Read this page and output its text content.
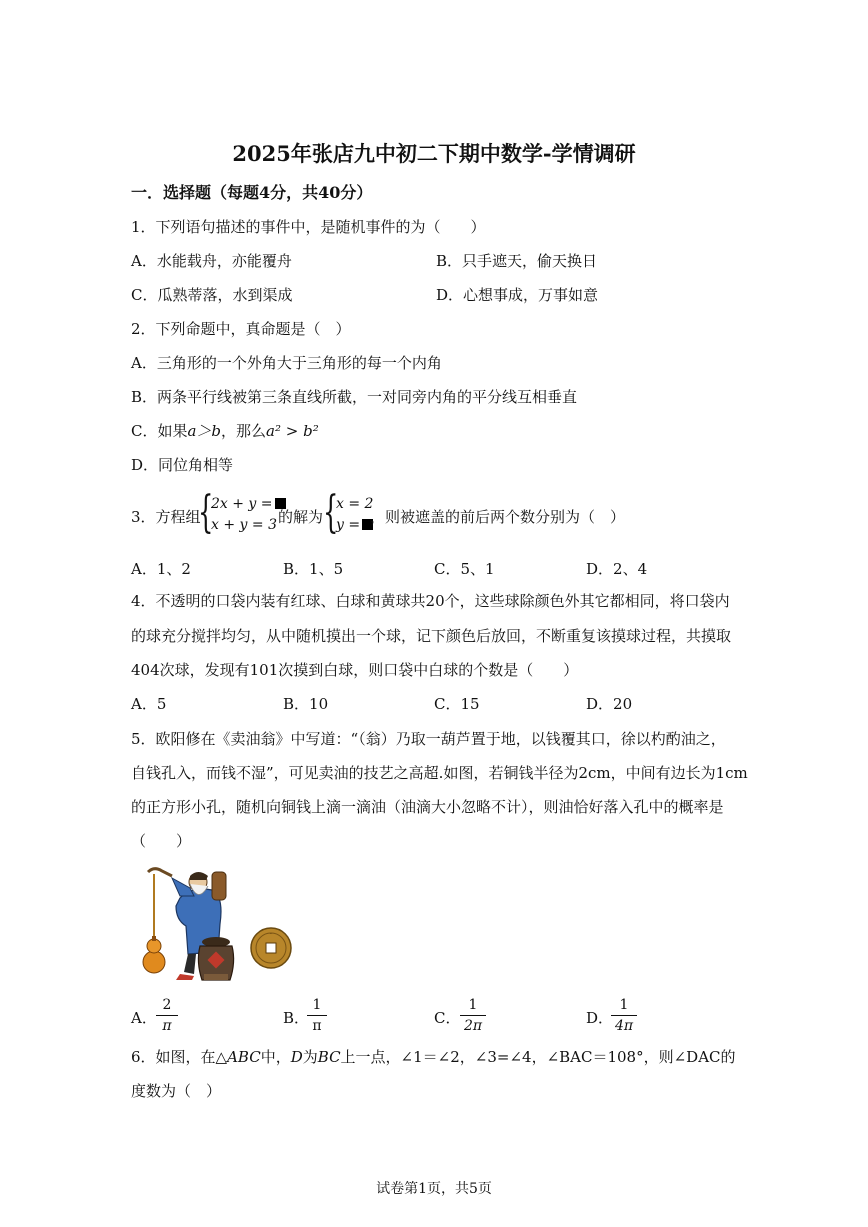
2025年张店九中初二下期中数学-学情调研
一．选择题（每题4分，共40分）
1．下列语句描述的事件中，是随机事件的为（　　）
A．水能载舟，亦能覆舟	B．只手遮天，偷天换日
C．瓜熟蒂落，水到渠成	D．心想事成，万事如意
2．下列命题中，真命题是（　）
A．三角形的一个外角大于三角形的每一个内角
B．两条平行线被第三条直线所截，一对同旁内角的平分线互相垂直
C．如果a＞b，那么a² > b²
D．同位角相等
3．方程组
{
2x + y =
x + y = 3 的解为 {
x = 2
y = ，则被遮盖的前后两个数分别为（　）
A．1、2	B．1、5	C．5、1	D．2、4
4．不透明的口袋内装有红球、白球和黄球共20个，这些球除颜色外其它都相同，将口袋内
的球充分搅拌均匀，从中随机摸出一个球，记下颜色后放回，不断重复该摸球过程，共摸取
404次球，发现有101次摸到白球，则口袋中白球的个数是（　　）
A．5	B．10	C．15	D．20
5．欧阳修在《卖油翁》中写道：“（翁）乃取一葫芦置于地，以钱覆其口，徐以杓酌油之，
自钱孔入，而钱不湿”，可见卖油的技艺之高超.如图，若铜钱半径为2cm，中间有边长为1cm
的正方形小孔，随机向铜钱上滴一滴油（油滴大小忽略不计），则油恰好落入孔中的概率是
（　　）
·
A． $\frac{2}{\pi}$	B．
$\frac{1}{\pi}$	C． $\frac{1}{2\pi}$	D．
$\frac{1}{4\pi}$
6．如图，在△ABC中，D为BC上一点，∠1＝∠2，∠3=∠4，∠BAC＝108°，则∠DAC的
度数为（　）
试卷第1页，共5页
